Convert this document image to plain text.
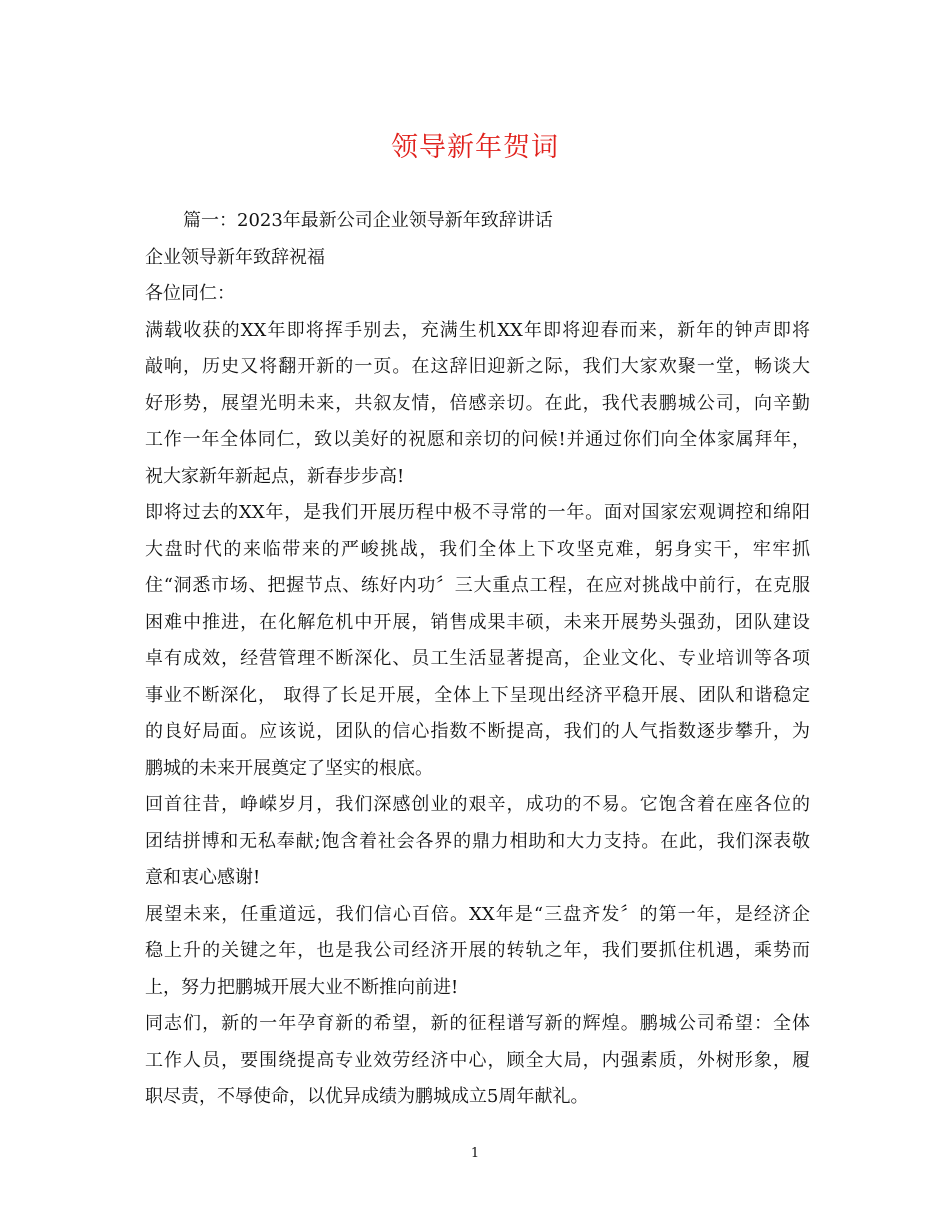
领导新年贺词
篇一：2023年最新公司企业领导新年致辞讲话
企业领导新年致辞祝福
各位同仁：
满载收获的XX年即将挥手别去，充满生机XX年即将迎春而来，新年的钟声即将
敲响，历史又将翻开新的一页。在这辞旧迎新之际，我们大家欢聚一堂，畅谈大
好形势，展望光明未来，共叙友情，倍感亲切。在此，我代表鹏城公司，向辛勤
工作一年全体同仁，致以美好的祝愿和亲切的问候!并通过你们向全体家属拜年，
祝大家新年新起点，新春步步高!
即将过去的XX年，是我们开展历程中极不寻常的一年。面对国家宏观调控和绵阳
大盘时代的来临带来的严峻挑战，我们全体上下攻坚克难，躬身实干，牢牢抓
住“洞悉市场、把握节点、练好内功〞三大重点工程，在应对挑战中前行，在克服
困难中推进，在化解危机中开展，销售成果丰硕，未来开展势头强劲，团队建设
卓有成效，经营管理不断深化、员工生活显著提高，企业文化、专业培训等各项
事业不断深化， 取得了长足开展，全体上下呈现出经济平稳开展、团队和谐稳定
的良好局面。应该说，团队的信心指数不断提高，我们的人气指数逐步攀升，为
鹏城的未来开展奠定了坚实的根底。
回首往昔，峥嵘岁月，我们深感创业的艰辛，成功的不易。它饱含着在座各位的
团结拼博和无私奉献;饱含着社会各界的鼎力相助和大力支持。在此，我们深表敬
意和衷心感谢!
展望未来，任重道远，我们信心百倍。XX年是“三盘齐发〞的第一年，是经济企
稳上升的关键之年，也是我公司经济开展的转轨之年，我们要抓住机遇，乘势而
上，努力把鹏城开展大业不断推向前进!
同志们，新的一年孕育新的希望，新的征程谱写新的辉煌。鹏城公司希望：全体
工作人员，要围绕提高专业效劳经济中心，顾全大局，内强素质，外树形象，履
职尽责，不辱使命，以优异成绩为鹏城成立5周年献礼。
1
